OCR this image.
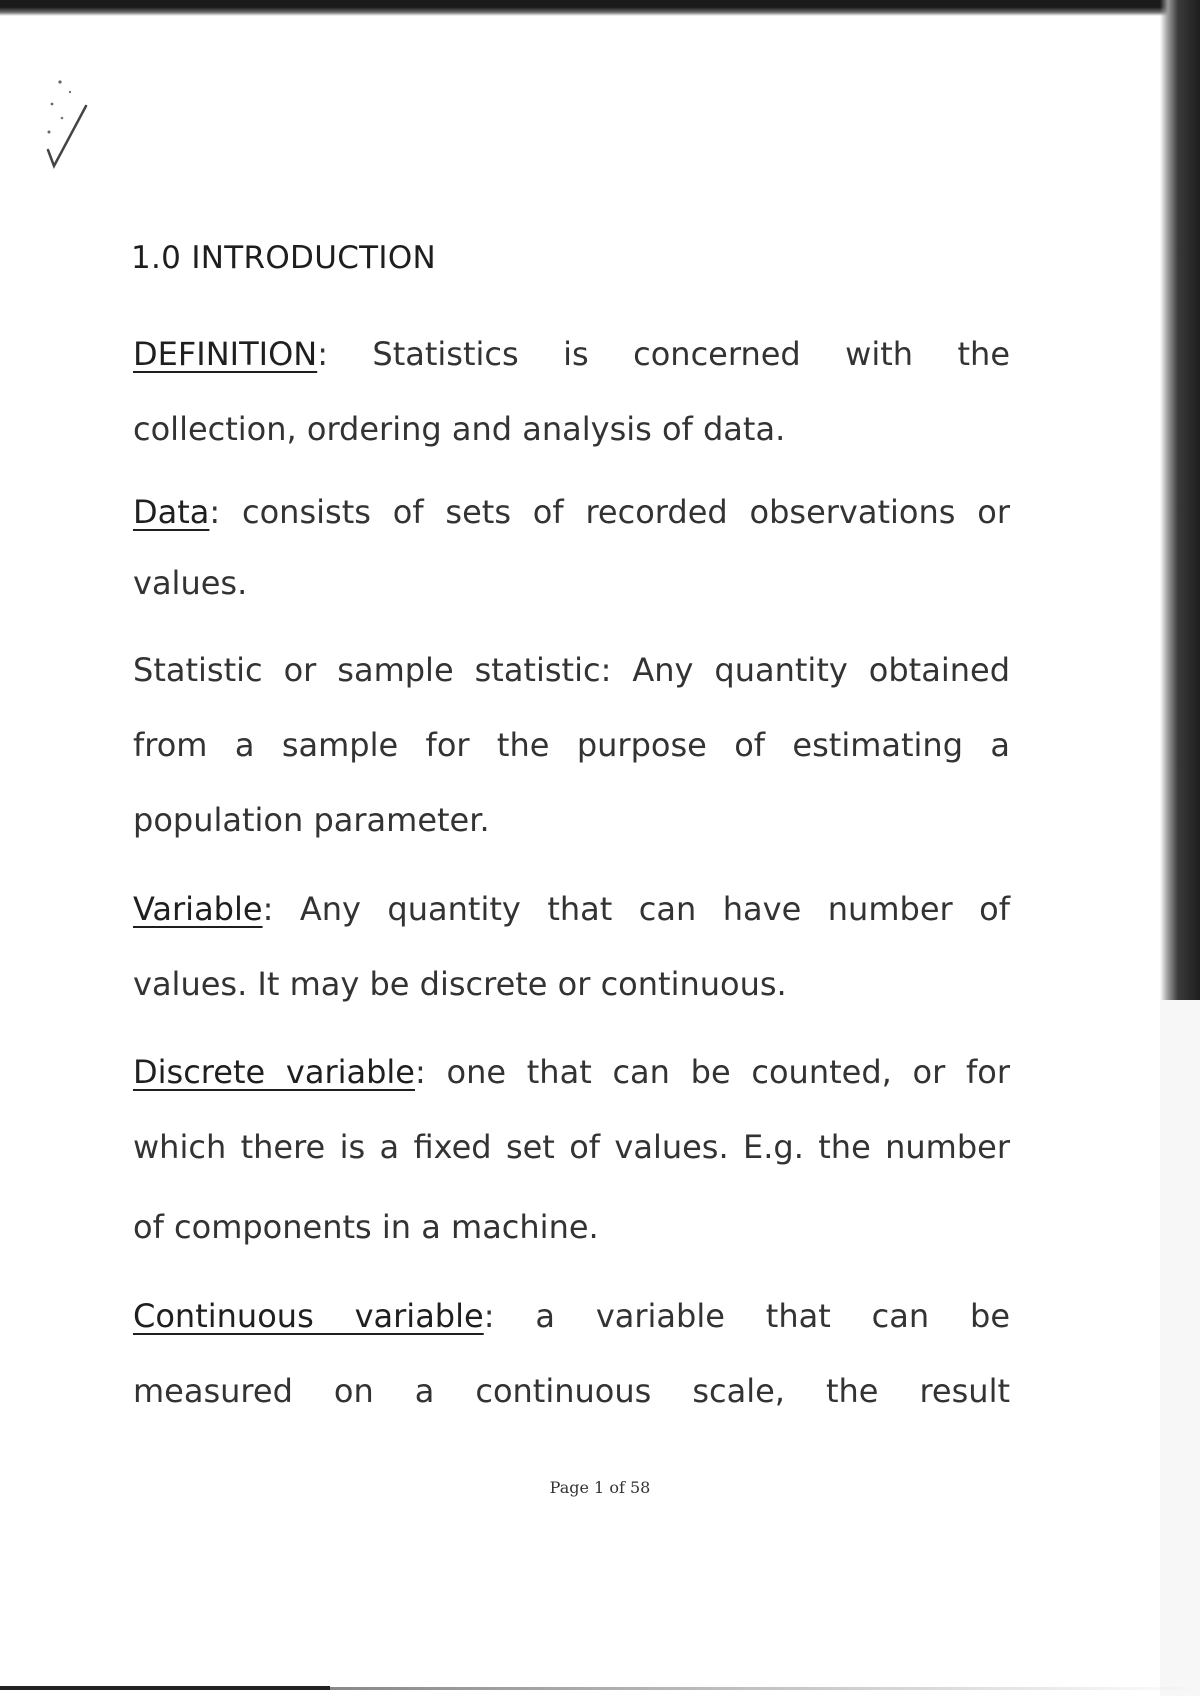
1.0 INTRODUCTION

DEFINITION: Statistics is concerned with the

collection, ordering and analysis of data.

Data: consists of sets of recorded observations or

values.

Statistic or sample statistic: Any quantity obtained
from a sample for the purpose of estimating a

population parameter.

Variable: Any quantity that can have number of

values. It may be discrete or continuous.

Discrete variable: one that can be counted, or for
which there is a fixed set of values. E.g. the number

of components in a machine.

Continuous variable: a variable that can be
measured on a continuous scale, the result

Page 1 of 58
